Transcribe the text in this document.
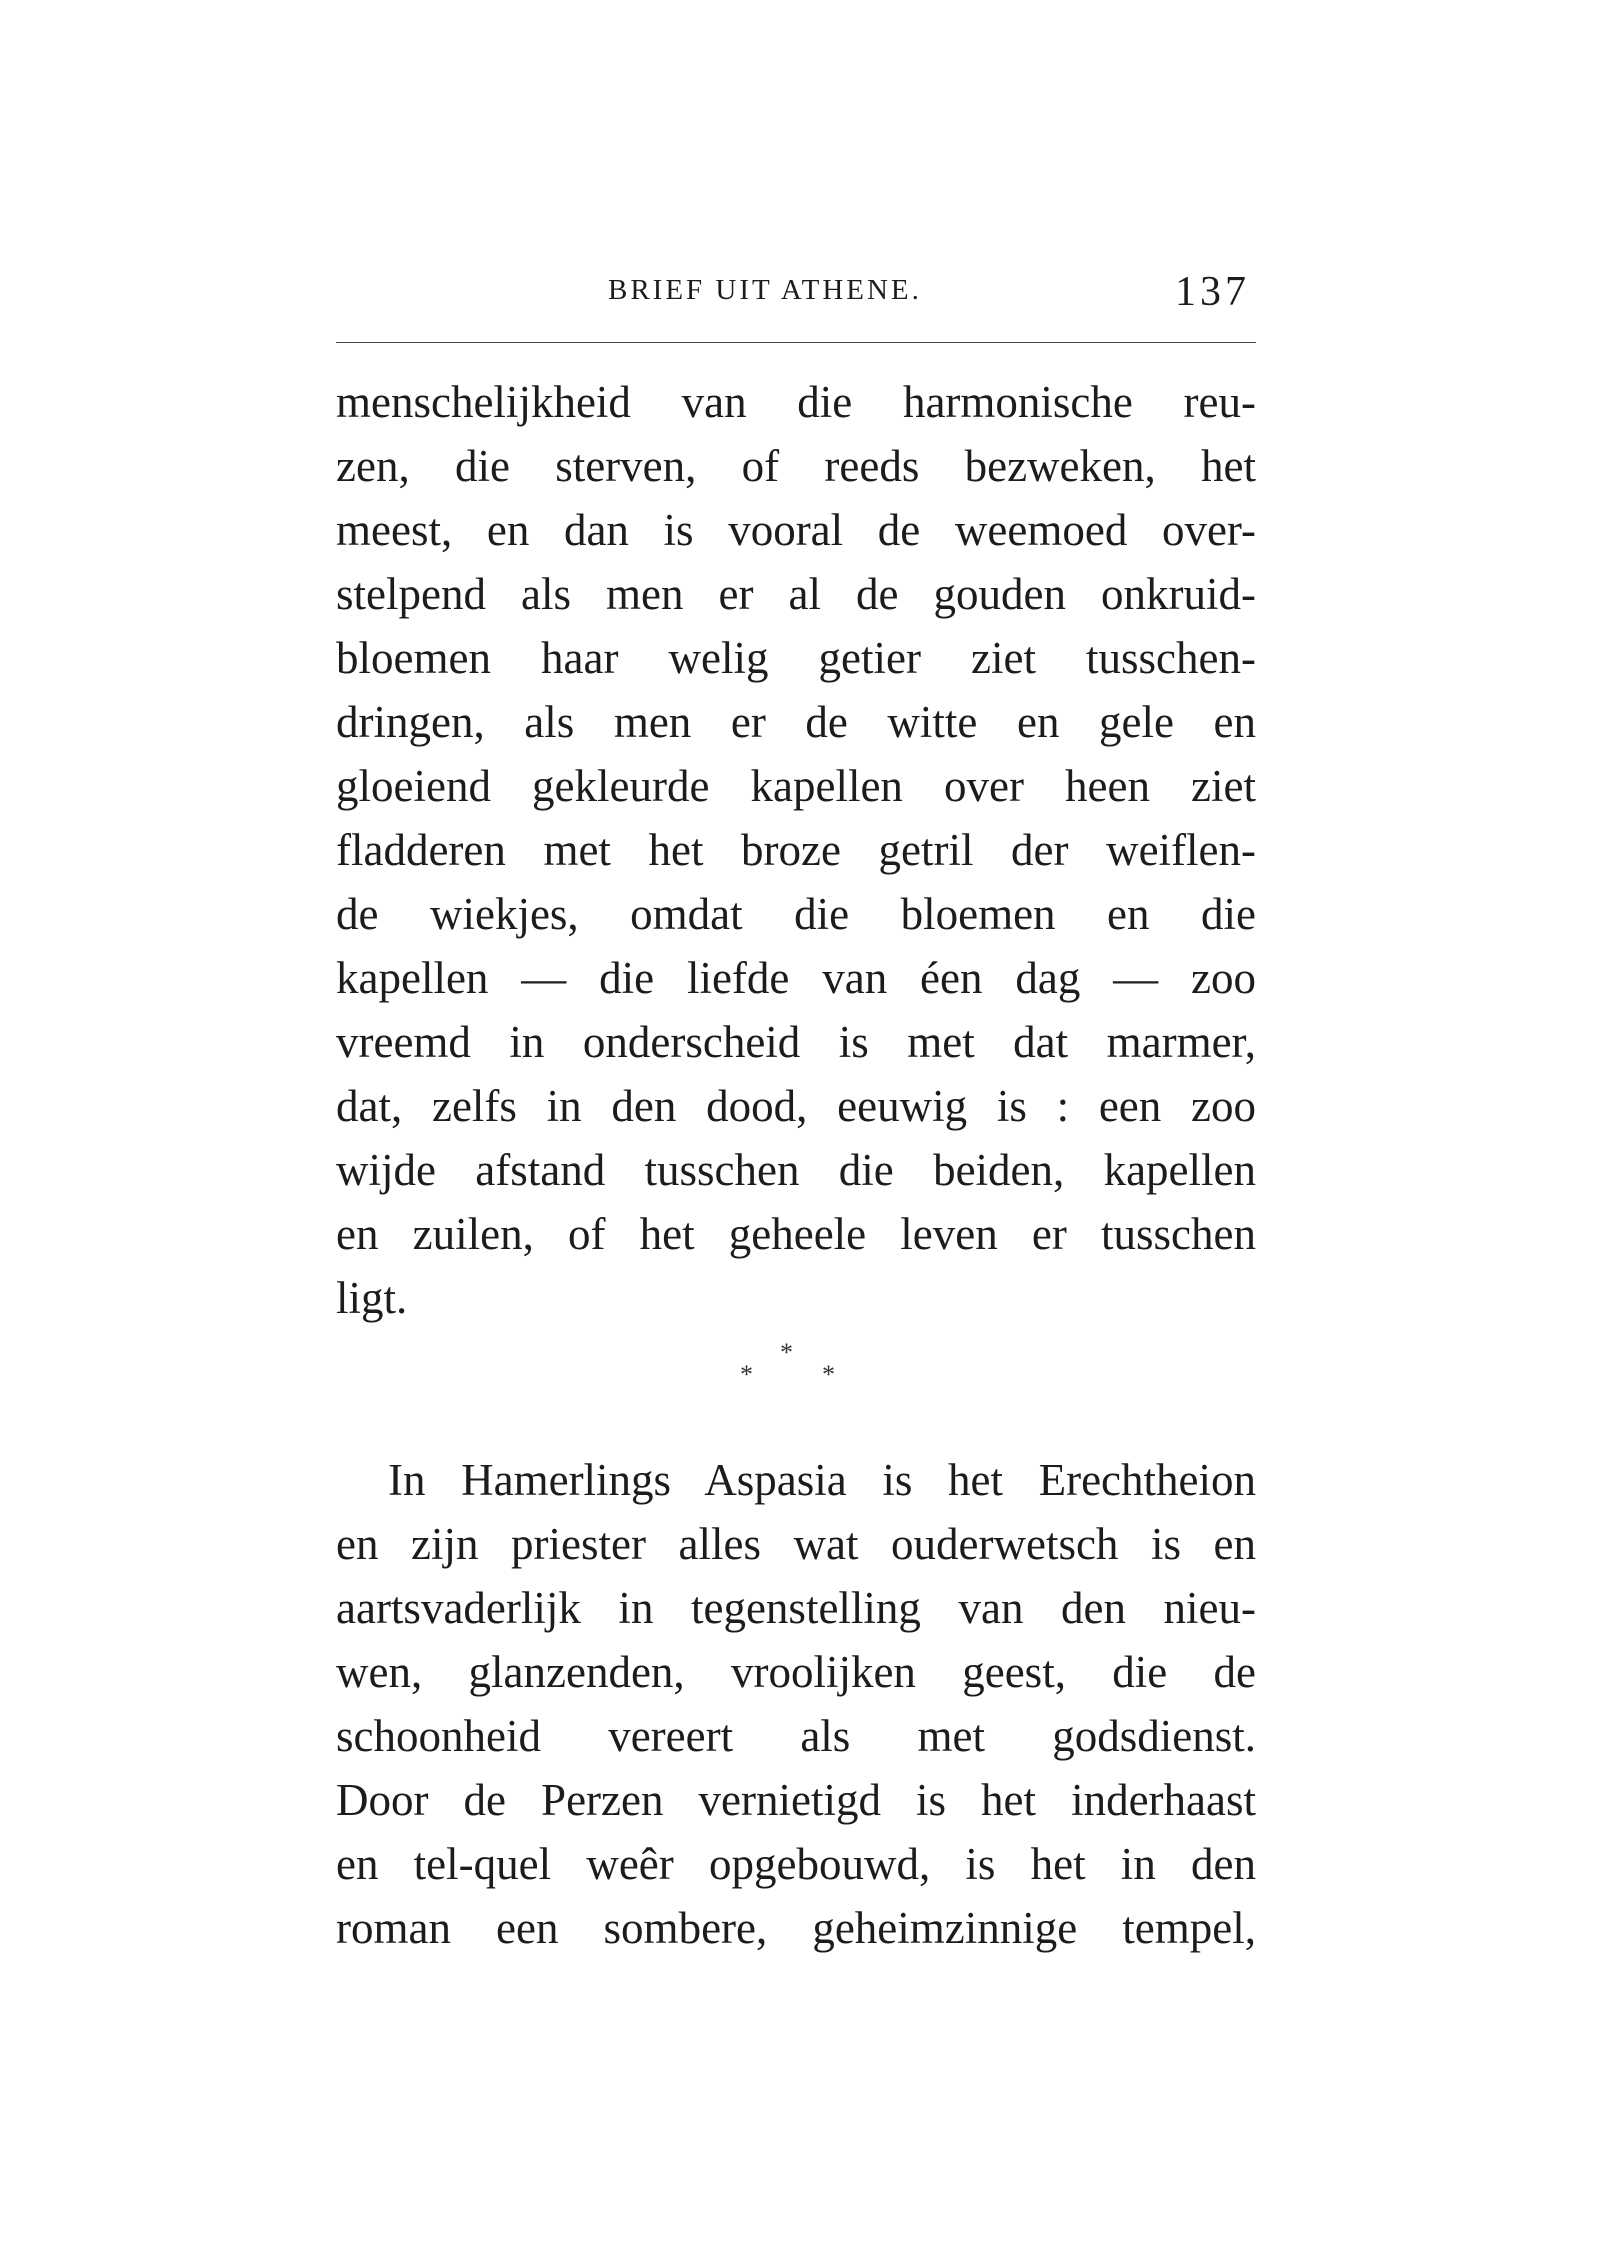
BRIEF UIT ATHENE.	137
menschelijkheid van die harmonische reu-
zen, die sterven, of reeds bezweken, het
meest, en dan is vooral de weemoed over-
stelpend als men er al de gouden onkruid-
bloemen haar welig getier ziet tusschen-
dringen, als men er de witte en gele en
gloeiend gekleurde kapellen over heen ziet
fladderen met het broze getril der weiflen-
de wiekjes, omdat die bloemen en die
kapellen — die liefde van éen dag — zoo
vreemd in onderscheid is met dat marmer,
dat, zelfs in den dood, eeuwig is : een zoo
wijde afstand tusschen die beiden, kapellen
en zuilen, of het geheele leven er tusschen
ligt.
*
*	*
In Hamerlings Aspasia is het Erechtheion
en zijn priester alles wat ouderwetsch is en
aartsvaderlijk in tegenstelling van den nieu-
wen, glanzenden, vroolijken geest, die de
schoonheid vereert als met godsdienst.
Door de Perzen vernietigd is het inderhaast
en tel-quel weêr opgebouwd, is het in den
roman een sombere, geheimzinnige tempel,
